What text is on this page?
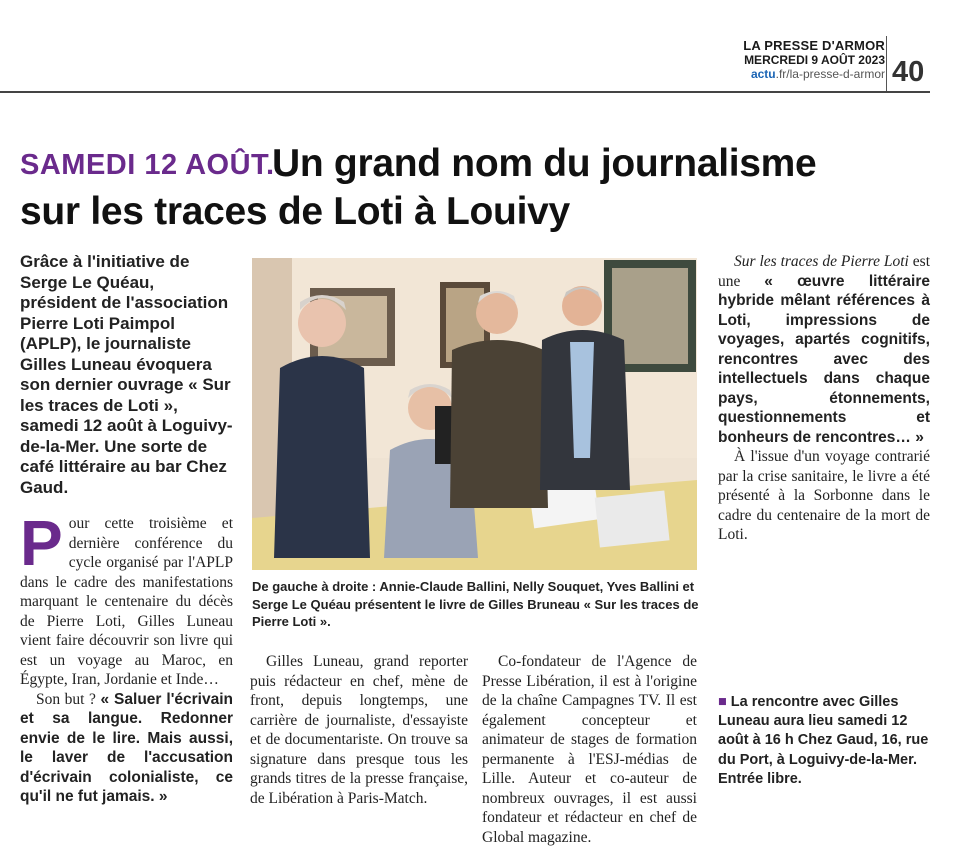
LA PRESSE D'ARMOR
MERCREDI 9 AOÛT 2023
actu.fr/la-presse-d-armor 40
SAMEDI 12 AOÛT.
Un grand nom du journalisme
sur les traces de Loti à Louivy
Grâce à l'initiative de Serge Le Quéau, président de l'association Pierre Loti Paimpol (APLP), le journaliste Gilles Luneau évoquera son dernier ouvrage « Sur les traces de Loti », samedi 12 août à Loguivy-de-la-Mer. Une sorte de café littéraire au bar Chez Gaud.

Pour cette troisième et dernière conférence du cycle organisé par l'APLP dans le cadre des manifestations marquant le centenaire du décès de Pierre Loti, Gilles Luneau vient faire découvrir son livre qui est un voyage au Maroc, en Égypte, Iran, Jordanie et Inde…

Son but ? « Saluer l'écrivain et sa langue. Redonner envie de le lire. Mais aussi, le laver de l'accusation d'écrivain colonialiste, ce qu'il ne fut jamais. »

De gauche à droite : Annie-Claude Ballini, Nelly Souquet, Yves Ballini et Serge Le Quéau présentent le livre de Gilles Bruneau « Sur les traces de Pierre Loti ».

Gilles Luneau, grand reporter puis rédacteur en chef, mène de front, depuis longtemps, une carrière de journaliste, d'essayiste et de documentariste. On trouve sa signature dans presque tous les grands titres de la presse française, de Libération à Paris-Match.

Co-fondateur de l'Agence de Presse Libération, il est à l'origine de la chaîne Campagnes TV. Il est également concepteur et animateur de stages de formation permanente à l'ESJ-médias de Lille. Auteur et co-auteur de nombreux ouvrages, il est aussi fondateur et rédacteur en chef de Global magazine.

Sur les traces de Pierre Loti est une « œuvre littéraire hybride mêlant références à Loti, impressions de voyages, apartés cognitifs, rencontres avec des intellectuels dans chaque pays, étonnements, questionnements et bonheurs de rencontres… »

À l'issue d'un voyage contrarié par la crise sanitaire, le livre a été présenté à la Sorbonne dans le cadre du centenaire de la mort de Loti.

■ La rencontre avec Gilles Luneau aura lieu samedi 12 août à 16 h Chez Gaud, 16, rue du Port, à Loguivy-de-la-Mer. Entrée libre.
